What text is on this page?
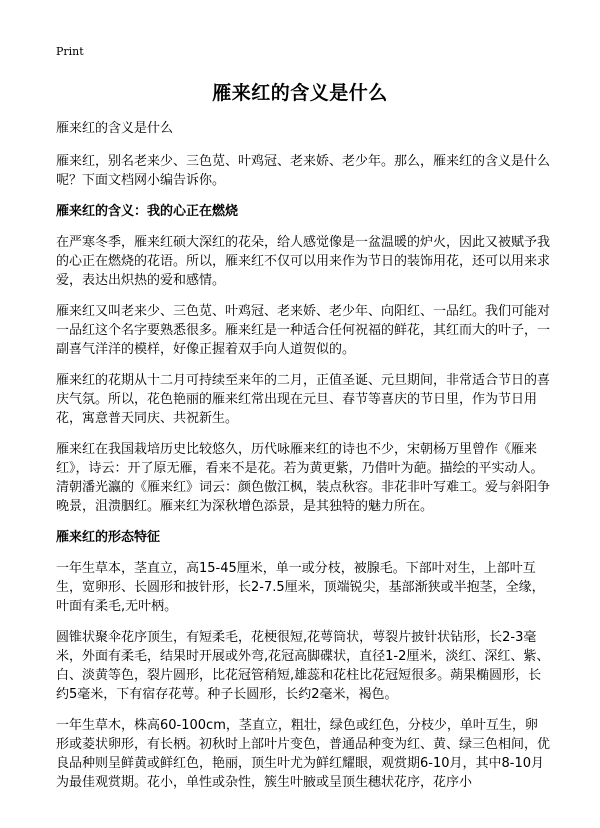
Print
雁来红的含义是什么

雁来红的含义是什么

雁来红，别名老来少、三色苋、叶鸡冠、老来娇、老少年。那么，雁来红的含义是什么呢？下面文档网小编告诉你。

雁来红的含义：我的心正在燃烧

在严寒冬季，雁来红硕大深红的花朵，给人感觉像是一盆温暖的炉火，因此又被赋予我的心正在燃烧的花语。所以，雁来红不仅可以用来作为节日的装饰用花，还可以用来求爱，表达出炽热的爱和感情。

雁来红又叫老来少、三色苋、叶鸡冠、老来娇、老少年、向阳红、一品红。我们可能对一品红这个名字要熟悉很多。雁来红是一种适合任何祝福的鲜花，其红而大的叶子，一副喜气洋洋的模样，好像正握着双手向人道贺似的。

雁来红的花期从十二月可持续至来年的二月，正值圣诞、元旦期间，非常适合节日的喜庆气氛。所以，花色艳丽的雁来红常出现在元旦、春节等喜庆的节日里，作为节日用花，寓意普天同庆、共祝新生。

雁来红在我国栽培历史比较悠久，历代咏雁来红的诗也不少，宋朝杨万里曾作《雁来红》，诗云：开了原无雁，看来不是花。若为黄更紫，乃借叶为葩。描绘的平实动人。清朝潘光瀛的《雁来红》词云：颜色傲江枫，装点秋容。非花非叶写难工。爱与斜阳争晚景，沮溃胭红。雁来红为深秋增色添景，是其独特的魅力所在。

雁来红的形态特征

一年生草本，茎直立，高15-45厘米，单一或分枝，被腺毛。下部叶对生，上部叶互生，宽卵形、长圆形和披针形，长2-7.5厘米，顶端锐尖，基部渐狭或半抱茎，全缘，叶面有柔毛,无叶柄。

圆锥状聚伞花序顶生，有短柔毛，花梗很短,花萼筒状，萼裂片披针状钻形，长2-3毫米，外面有柔毛，结果时开展或外弯,花冠高脚碟状，直径1-2厘米，淡红、深红、紫、白、淡黄等色，裂片圆形，比花冠管稍短,雄蕊和花柱比花冠短很多。蒴果椭圆形，长约5毫米，下有宿存花萼。种子长圆形，长约2毫米，褐色。

一年生草木，株高60-100cm，茎直立，粗壮，绿色或红色，分枝少，单叶互生，卵形或菱状卵形，有长柄。初秋时上部叶片变色，普通品种变为红、黄、绿三色相间，优良品种则呈鲜黄或鲜红色，艳丽，顶生叶尤为鲜红耀眼，观赏期6-10月，其中8-10月为最佳观赏期。花小，单性或杂性，簇生叶腋或呈顶生穗状花序，花序小
